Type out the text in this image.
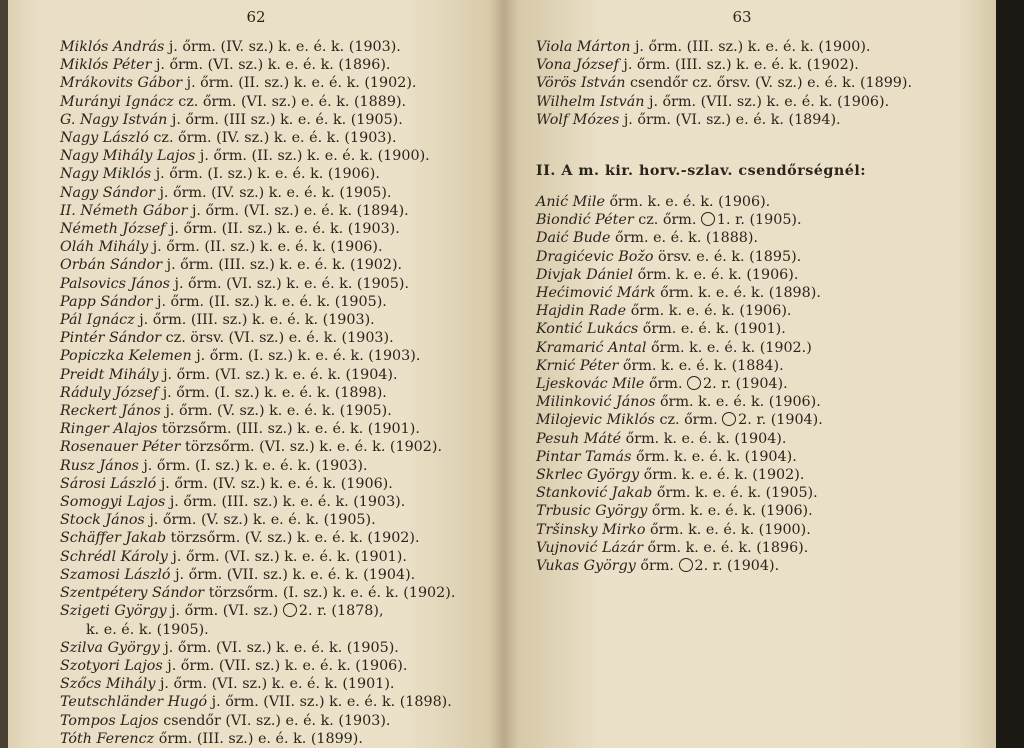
62
Miklós András j. őrm. (IV. sz.) k. e. é. k. (1903).
Miklós Péter j. őrm. (VI. sz.) k. e. é. k. (1896).
Mrákovits Gábor j. őrm. (II. sz.) k. e. é. k. (1902).
Murányi Ignácz cz. őrm. (VI. sz.) e. é. k. (1889).
G. Nagy István j. őrm. (III sz.) k. e. é. k. (1905).
Nagy László cz. őrm. (IV. sz.) k. e. é. k. (1903).
Nagy Mihály Lajos j. őrm. (II. sz.) k. e. é. k. (1900).
Nagy Miklós j. őrm. (I. sz.) k. e. é. k. (1906).
Nagy Sándor j. őrm. (IV. sz.) k. e. é. k. (1905).
II. Németh Gábor j. őrm. (VI. sz.) e. é. k. (1894).
Németh József j. őrm. (II. sz.) k. e. é. k. (1903).
Oláh Mihály j. őrm. (II. sz.) k. e. é. k. (1906).
Orbán Sándor j. őrm. (III. sz.) k. e. é. k. (1902).
Palsovics János j. őrm. (VI. sz.) k. e. é. k. (1905).
Papp Sándor j. őrm. (II. sz.) k. e. é. k. (1905).
Pál Ignácz j. őrm. (III. sz.) k. e. é. k. (1903).
Pintér Sándor cz. örsv. (VI. sz.) e. é. k. (1903).
Popiczka Kelemen j. őrm. (I. sz.) k. e. é. k. (1903).
Preidt Mihály j. őrm. (VI. sz.) k. e. é. k. (1904).
Ráduly József j. őrm. (I. sz.) k. e. é. k. (1898).
Reckert János j. őrm. (V. sz.) k. e. é. k. (1905).
Ringer Alajos törzsőrm. (III. sz.) k. e. é. k. (1901).
Rosenauer Péter törzsőrm. (VI. sz.) k. e. é. k. (1902).
Rusz János j. őrm. (I. sz.) k. e. é. k. (1903).
Sárosi László j. őrm. (IV. sz.) k. e. é. k. (1906).
Somogyi Lajos j. őrm. (III. sz.) k. e. é. k. (1903).
Stock János j. őrm. (V. sz.) k. e. é. k. (1905).
Schäffer Jakab törzsőrm. (V. sz.) k. e. é. k. (1902).
Schrédl Károly j. őrm. (VI. sz.) k. e. é. k. (1901).
Szamosi László j. őrm. (VII. sz.) k. e. é. k. (1904).
Szentpétery Sándor törzsőrm. (I. sz.) k. e. é. k. (1902).
Szigeti György j. őrm. (VI. sz.) 2. r. (1878),
k. e. é. k. (1905).
Szilva György j. őrm. (VI. sz.) k. e. é. k. (1905).
Szotyori Lajos j. őrm. (VII. sz.) k. e. é. k. (1906).
Szőcs Mihály j. őrm. (VI. sz.) k. e. é. k. (1901).
Teutschländer Hugó j. őrm. (VII. sz.) k. e. é. k. (1898).
Tompos Lajos csendőr (VI. sz.) e. é. k. (1903).
Tóth Ferencz őrm. (III. sz.) e. é. k. (1899).
63
Viola Márton j. őrm. (III. sz.) k. e. é. k. (1900).
Vona József j. őrm. (III. sz.) k. e. é. k. (1902).
Vörös István csendőr cz. őrsv. (V. sz.) e. é. k. (1899).
Wilhelm István j. őrm. (VII. sz.) k. e. é. k. (1906).
Wolf Mózes j. őrm. (VI. sz.) e. é. k. (1894).
II. A m. kir. horv.-szlav. csendőrségnél:
Anić Mile őrm. k. e. é. k. (1906).
Biondić Péter cz. őrm. 1. r. (1905).
Daić Bude őrm. e. é. k. (1888).
Dragićevic Božo örsv. e. é. k. (1895).
Divjak Dániel őrm. k. e. é. k. (1906).
Hećimović Márk őrm. k. e. é. k. (1898).
Hajdin Rade őrm. k. e. é. k. (1906).
Kontić Lukács őrm. e. é. k. (1901).
Kramarić Antal őrm. k. e. é. k. (1902.)
Krnić Péter őrm. k. e. é. k. (1884).
Ljeskovác Mile őrm. 2. r. (1904).
Milinković János őrm. k. e. é. k. (1906).
Milojevic Miklós cz. őrm. 2. r. (1904).
Pesuh Máté őrm. k. e. é. k. (1904).
Pintar Tamás őrm. k. e. é. k. (1904).
Skrlec György őrm. k. e. é. k. (1902).
Stanković Jakab őrm. k. e. é. k. (1905).
Trbusic György őrm. k. e. é. k. (1906).
Tršinsky Mirko őrm. k. e. é. k. (1900).
Vujnović Lázár őrm. k. e. é. k. (1896).
Vukas György őrm. 2. r. (1904).
